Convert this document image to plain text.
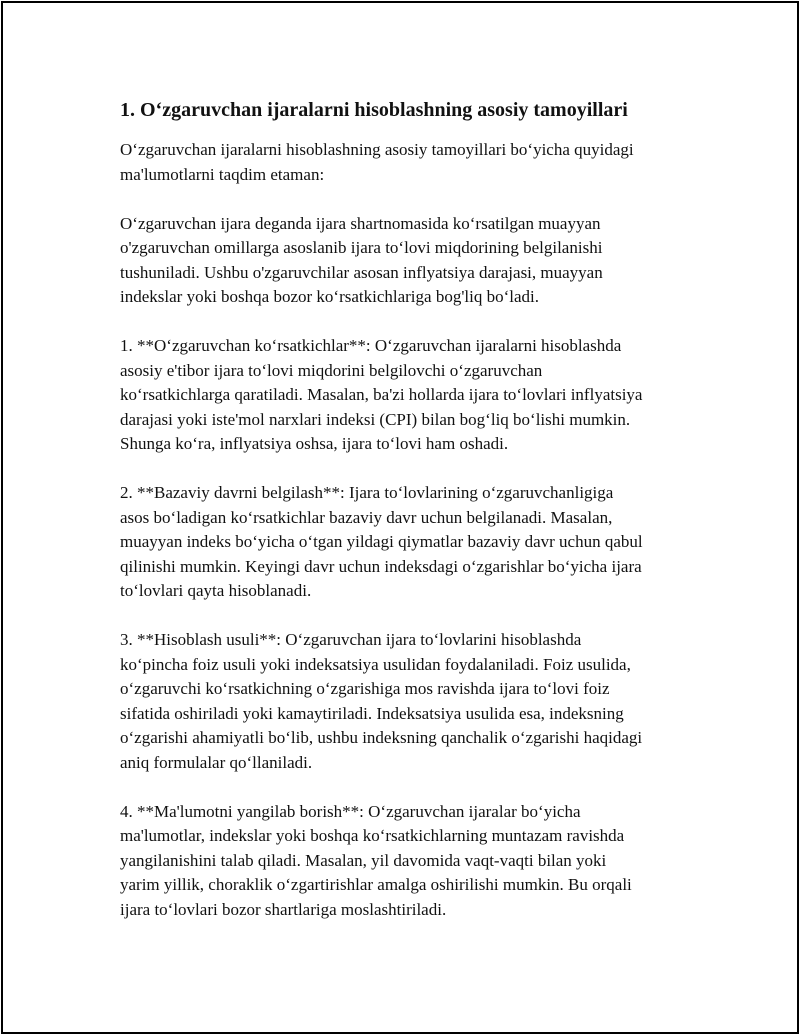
1. Oʻzgaruvchan ijaralarni hisoblashning asosiy tamoyillari

Oʻzgaruvchan ijaralarni hisoblashning asosiy tamoyillari boʻyicha quyidagi
ma'lumotlarni taqdim etaman:

Oʻzgaruvchan ijara deganda ijara shartnomasida koʻrsatilgan muayyan
o'zgaruvchan omillarga asoslanib ijara toʻlovi miqdorining belgilanishi
tushuniladi. Ushbu o'zgaruvchilar asosan inflyatsiya darajasi, muayyan
indekslar yoki boshqa bozor koʻrsatkichlariga bog'liq boʻladi.

1. **Oʻzgaruvchan koʻrsatkichlar**: Oʻzgaruvchan ijaralarni hisoblashda
asosiy e'tibor ijara toʻlovi miqdorini belgilovchi oʻzgaruvchan
koʻrsatkichlarga qaratiladi. Masalan, ba'zi hollarda ijara toʻlovlari inflyatsiya
darajasi yoki iste'mol narxlari indeksi (CPI) bilan bogʻliq boʻlishi mumkin.
Shunga koʻra, inflyatsiya oshsa, ijara toʻlovi ham oshadi.

2. **Bazaviy davrni belgilash**: Ijara toʻlovlarining oʻzgaruvchanligiga
asos boʻladigan koʻrsatkichlar bazaviy davr uchun belgilanadi. Masalan,
muayyan indeks boʻyicha oʻtgan yildagi qiymatlar bazaviy davr uchun qabul
qilinishi mumkin. Keyingi davr uchun indeksdagi oʻzgarishlar boʻyicha ijara
toʻlovlari qayta hisoblanadi.

3. **Hisoblash usuli**: Oʻzgaruvchan ijara toʻlovlarini hisoblashda
koʻpincha foiz usuli yoki indeksatsiya usulidan foydalaniladi. Foiz usulida,
oʻzgaruvchi koʻrsatkichning oʻzgarishiga mos ravishda ijara toʻlovi foiz
sifatida oshiriladi yoki kamaytiriladi. Indeksatsiya usulida esa, indeksning
oʻzgarishi ahamiyatli boʻlib, ushbu indeksning qanchalik oʻzgarishi haqidagi
aniq formulalar qoʻllaniladi.

4. **Ma'lumotni yangilab borish**: Oʻzgaruvchan ijaralar boʻyicha
ma'lumotlar, indekslar yoki boshqa koʻrsatkichlarning muntazam ravishda
yangilanishini talab qiladi. Masalan, yil davomida vaqt-vaqti bilan yoki
yarim yillik, choraklik oʻzgartirishlar amalga oshirilishi mumkin. Bu orqali
ijara toʻlovlari bozor shartlariga moslashtiriladi.
